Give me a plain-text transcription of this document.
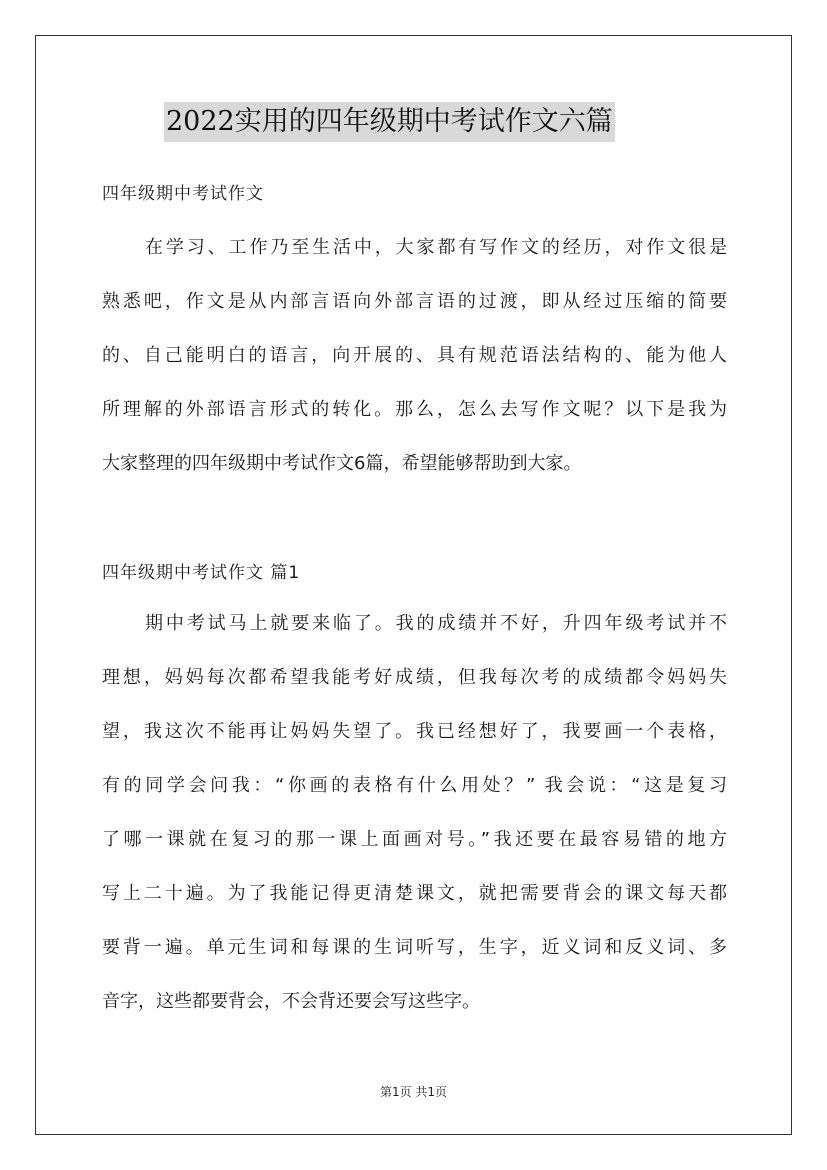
2022实用的四年级期中考试作文六篇
四年级期中考试作文
在学习、工作乃至生活中，大家都有写作文的经历，对作文很是
熟悉吧，作文是从内部言语向外部言语的过渡，即从经过压缩的简要
的、自己能明白的语言，向开展的、具有规范语法结构的、能为他人
所理解的外部语言形式的转化。那么，怎么去写作文呢？以下是我为
大家整理的四年级期中考试作文6篇，希望能够帮助到大家。
四年级期中考试作文 篇1
期中考试马上就要来临了。我的成绩并不好，升四年级考试并不
理想，妈妈每次都希望我能考好成绩，但我每次考的成绩都令妈妈失
望，我这次不能再让妈妈失望了。我已经想好了，我要画一个表格，
有的同学会问我：“你画的表格有什么用处？” 我会说：“这是复习
了哪一课就在复习的那一课上面画对号。”我还要在最容易错的地方
写上二十遍。为了我能记得更清楚课文，就把需要背会的课文每天都
要背一遍。单元生词和每课的生词听写，生字，近义词和反义词、多
音字，这些都要背会，不会背还要会写这些字。
第1页 共1页
